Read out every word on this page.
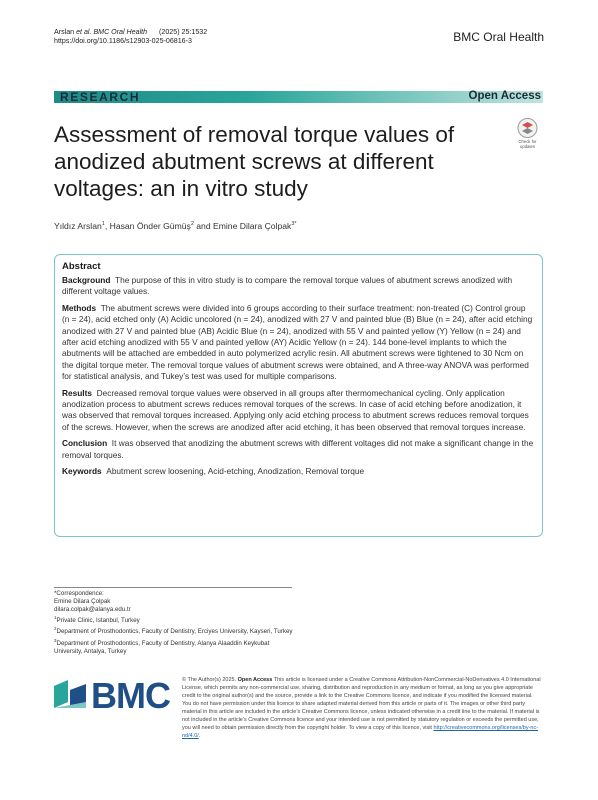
Arslan et al. BMC Oral Health (2025) 25:1532
https://doi.org/10.1186/s12903-025-06816-3	BMC Oral Health
RESEARCH	Open Access
Assessment of removal torque values of anodized abutment screws at different voltages: an in vitro study
Check for
updates
Yıldız Arslan$^1$, Hasan Önder Gümüş$^2$ and Emine Dilara Çolpak$^{3*}$
Abstract

Background The purpose of this in vitro study is to compare the removal torque values of abutment screws anodized with different voltage values.

Methods The abutment screws were divided into 6 groups according to their surface treatment: non-treated (C) Control group (n = 24), acid etched only (A) Acidic uncolored (n = 24), anodized with 27 V and painted blue (B) Blue (n = 24), after acid etching anodized with 27 V and painted blue (AB) Acidic Blue (n = 24), anodized with 55 V and painted yellow (Y) Yellow (n = 24) and after acid etching anodized with 55 V and painted yellow (AY) Acidic Yellow (n = 24). 144 bone-level implants to which the abutments will be attached are embedded in auto polymerized acrylic resin. All abutment screws were tightened to 30 Ncm on the digital torque meter. The removal torque values of abutment screws were obtained, and A three-way ANOVA was performed for statistical analysis, and Tukey’s test was used for multiple comparisons.

Results Decreased removal torque values were observed in all groups after thermomechanical cycling. Only application anodization process to abutment screws reduces removal torques of the screws. In case of acid etching before anodization, it was observed that removal torques increased. Applying only acid etching process to abutment screws reduces removal torques of the screws. However, when the screws are anodized after acid etching, it has been observed that removal torques increase.

Conclusion It was observed that anodizing the abutment screws with different voltages did not make a significant change in the removal torques.

Keywords Abutment screw loosening, Acid-etching, Anodization, Removal torque

*Correspondence:
Emine Dilara Çolpak
dilara.colpak@alanya.edu.tr
$^1$Private Clinic, Istanbul, Turkey
$^2$Department of Prosthodontics, Faculty of Dentistry, Erciyes University, Kayseri, Turkey
$^3$Department of Prosthodontics, Faculty of Dentistry, Alanya Alaaddin Keykubat University, Antalya, Turkey
BMC © The Author(s) 2025. Open Access This article is licensed under a Creative Commons Attribution-NonCommercial-NoDerivatives 4.0 International License, which permits any non-commercial use, sharing, distribution and reproduction in any medium or format, as long as you give appropriate credit to the original author(s) and the source, provide a link to the Creative Commons licence, and indicate if you modified the licensed material. You do not have permission under this licence to share adapted material derived from this article or parts of it. The images or other third party material in this article are included in the article’s Creative Commons licence, unless indicated otherwise in a credit line to the material. If material is not included in the article’s Creative Commons licence and your intended use is not permitted by statutory regulation or exceeds the permitted use, you will need to obtain permission directly from the copyright holder. To view a copy of this licence, visit http://creativecommons.org/licenses/by-nc-nd/4.0/.
